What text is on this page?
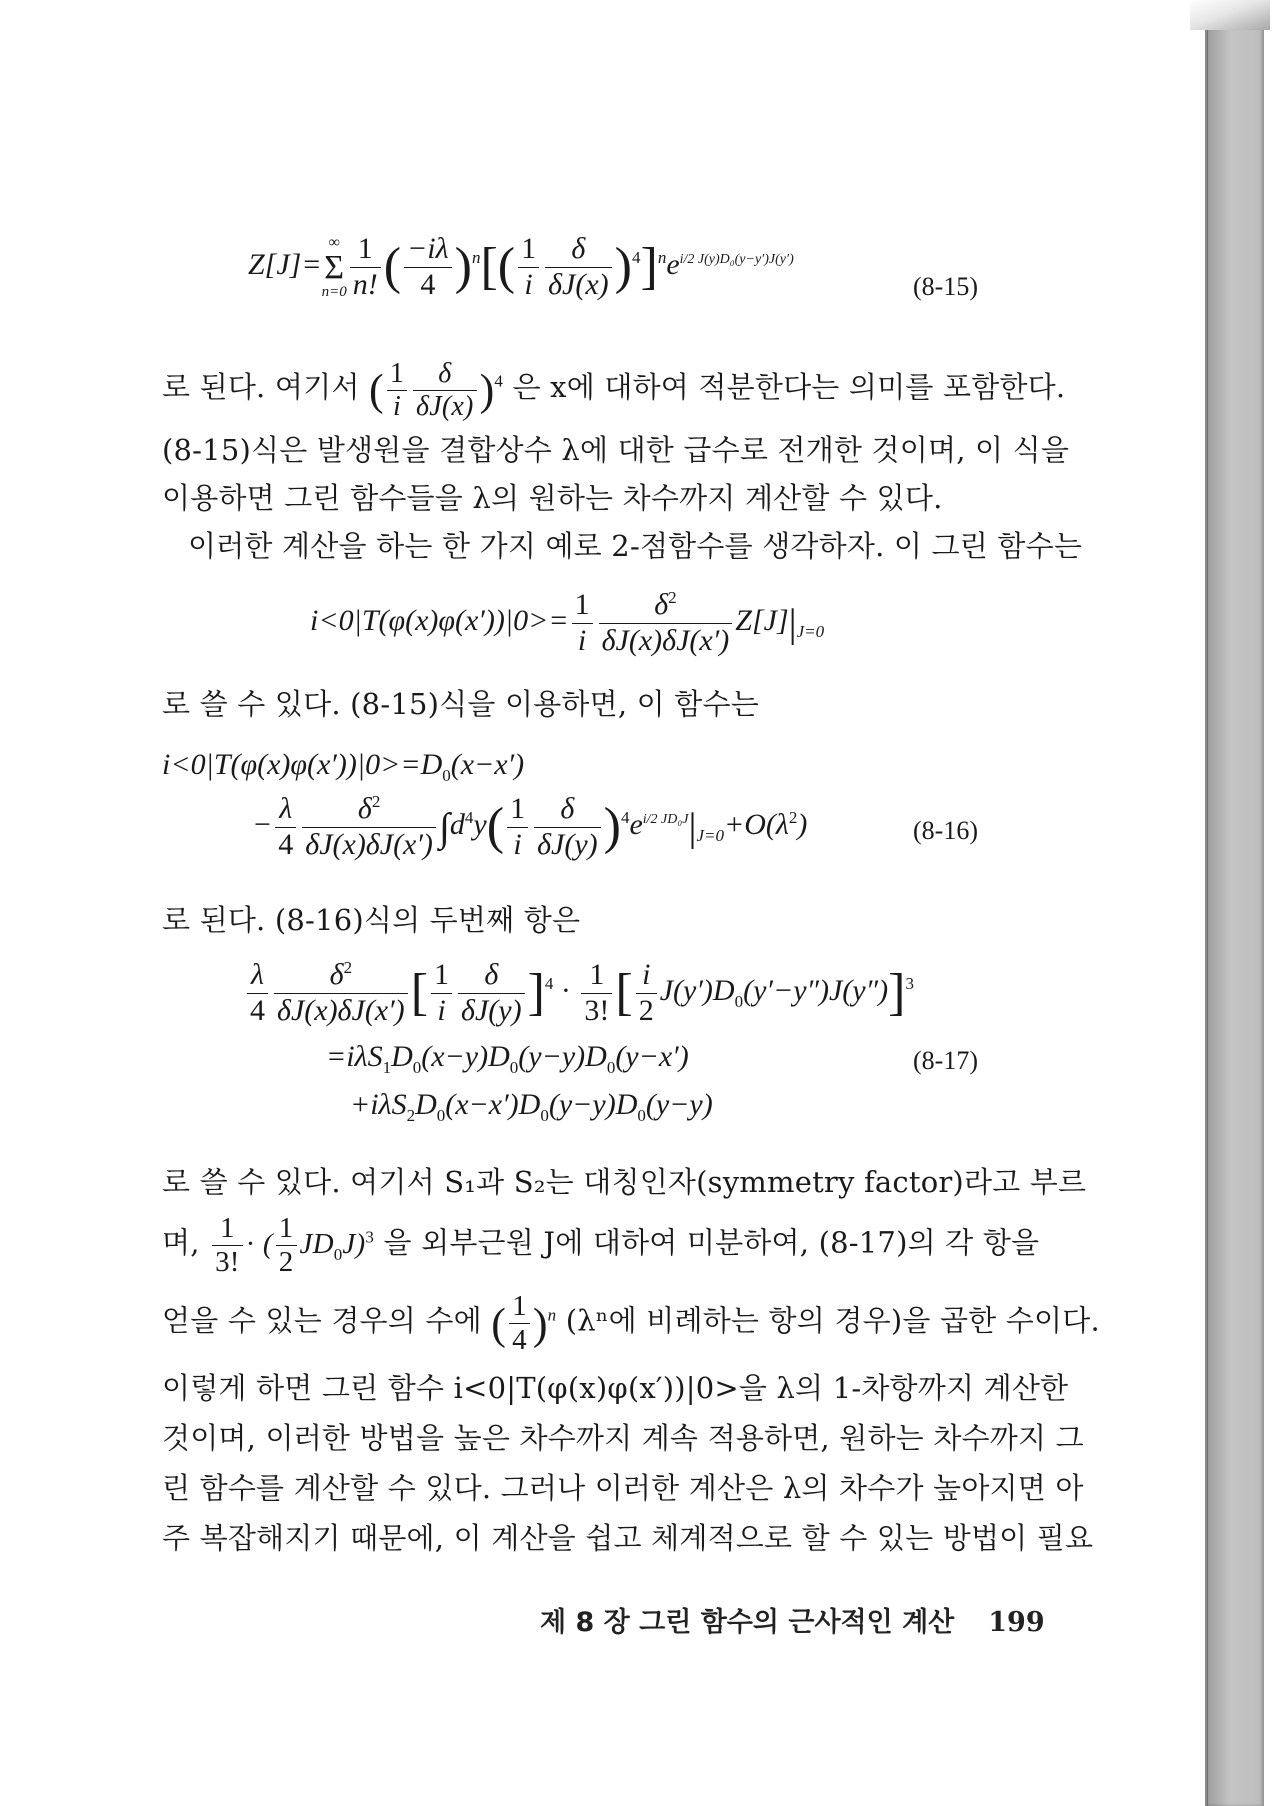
Z[J]=
∞
Σ
$n=0 \frac{1}{n!}$ ( $\frac{-i\lambda}{4} )^n[( \frac{1}{i} \frac{\delta}{\delta J(x)} )^4]^ne^{i/2 J(y)D_0(y-y')J(y')}$
(8-15)
로 된다. 여기서 ( $\frac{1}{i} \frac{\delta}{\delta J(x)} )^4$ 은 x에 대하여 적분한다는 의미를 포함한다.
(8-15)식은 발생원을 결합상수 λ에 대한 급수로 전개한 것이며, 이 식을
이용하면 그린 함수들을 λ의 원하는 차수까지 계산할 수 있다.
이러한 계산을 하는 한 가지 예로 2-점함수를 생각하자. 이 그린 함수는
$i<0|T(\varphi(x)\varphi(x'))|0>= \frac{1}{i} \frac{\delta^2}{\delta J(x)\delta J(x')} Z[J]|_{J=0}$
로 쓸 수 있다. (8-15)식을 이용하면, 이 함수는
$i<0|T(\varphi(x)\varphi(x'))|0>=D_0(x-x')$
− $\frac{\lambda}{4} \frac{\delta^2}{\delta J(x)\delta J(x')} \int d^4y( \frac{1}{i} \frac{\delta}{\delta J(y)} )^4e^{i/2 JD_0J}|_{J=0}+O(\lambda^2)$	(8-16)
로 된다. (8-16)식의 두번째 항은
$\frac{\lambda}{4} \frac{\delta^2}{\delta J(x)\delta J(x')}$ [ $\frac{1}{i} \frac{\delta}{\delta J(y)} ]^4 \cdot \frac{1}{3!}$ [ $\frac{i}{2} J(y')D_0(y'-y'')J(y'')]^3$
$=i\lambda S_1D_0(x-y)D_0(y-y)D_0(y-x')$	(8-17)
$+i\lambda S_2D_0(x-x')D_0(y-y)D_0(y-y)$
로 쓸 수 있다. 여기서 S₁과 S₂는 대칭인자(symmetry factor)라고 부르
며, $\frac{1}{3!}$ · ( $\frac{1}{2} JD_0J)^3$ 을 외부근원 J에 대하여 미분하여, (8-17)의 각 항을
얻을 수 있는 경우의 수에 ( $\frac{1}{4} )^n$ (λⁿ에 비례하는 항의 경우)을 곱한 수이다.
이렇게 하면 그린 함수 i<0|T(φ(x)φ(x′))|0>을 λ의 1-차항까지 계산한
것이며, 이러한 방법을 높은 차수까지 계속 적용하면, 원하는 차수까지 그
린 함수를 계산할 수 있다. 그러나 이러한 계산은 λ의 차수가 높아지면 아
주 복잡해지기 때문에, 이 계산을 쉽고 체계적으로 할 수 있는 방법이 필요
제 8 장 그린 함수의 근사적인 계산 199
